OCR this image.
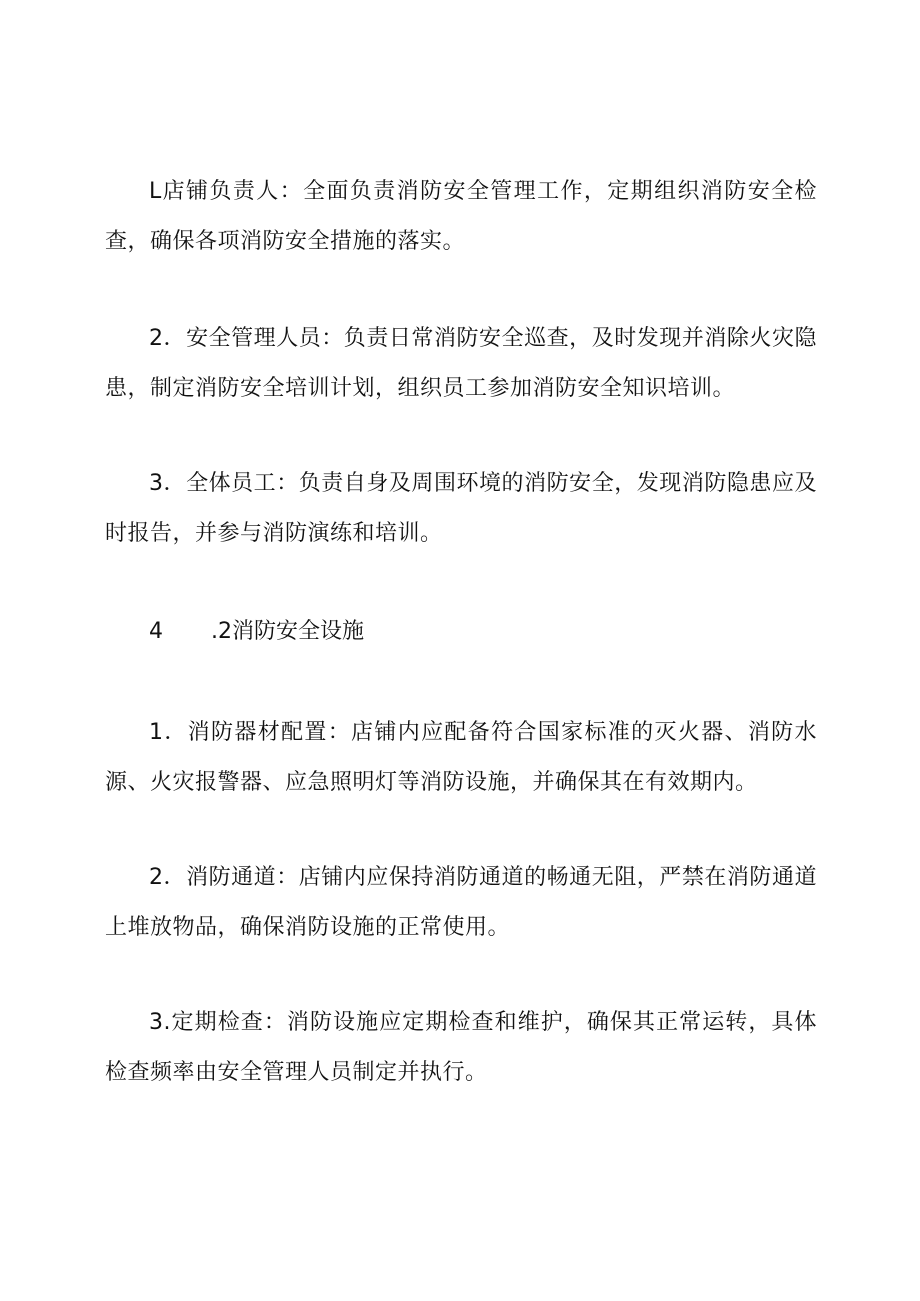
L店铺负责人：全面负责消防安全管理工作，定期组织消防安全检查，确保各项消防安全措施的落实。

2．安全管理人员：负责日常消防安全巡查，及时发现并消除火灾隐患，制定消防安全培训计划，组织员工参加消防安全知识培训。

3．全体员工：负责自身及周围环境的消防安全，发现消防隐患应及时报告，并参与消防演练和培训。

4 .2消防安全设施

1．消防器材配置：店铺内应配备符合国家标准的灭火器、消防水源、火灾报警器、应急照明灯等消防设施，并确保其在有效期内。

2．消防通道：店铺内应保持消防通道的畅通无阻，严禁在消防通道上堆放物品，确保消防设施的正常使用。

3.定期检查：消防设施应定期检查和维护，确保其正常运转，具体检查频率由安全管理人员制定并执行。
